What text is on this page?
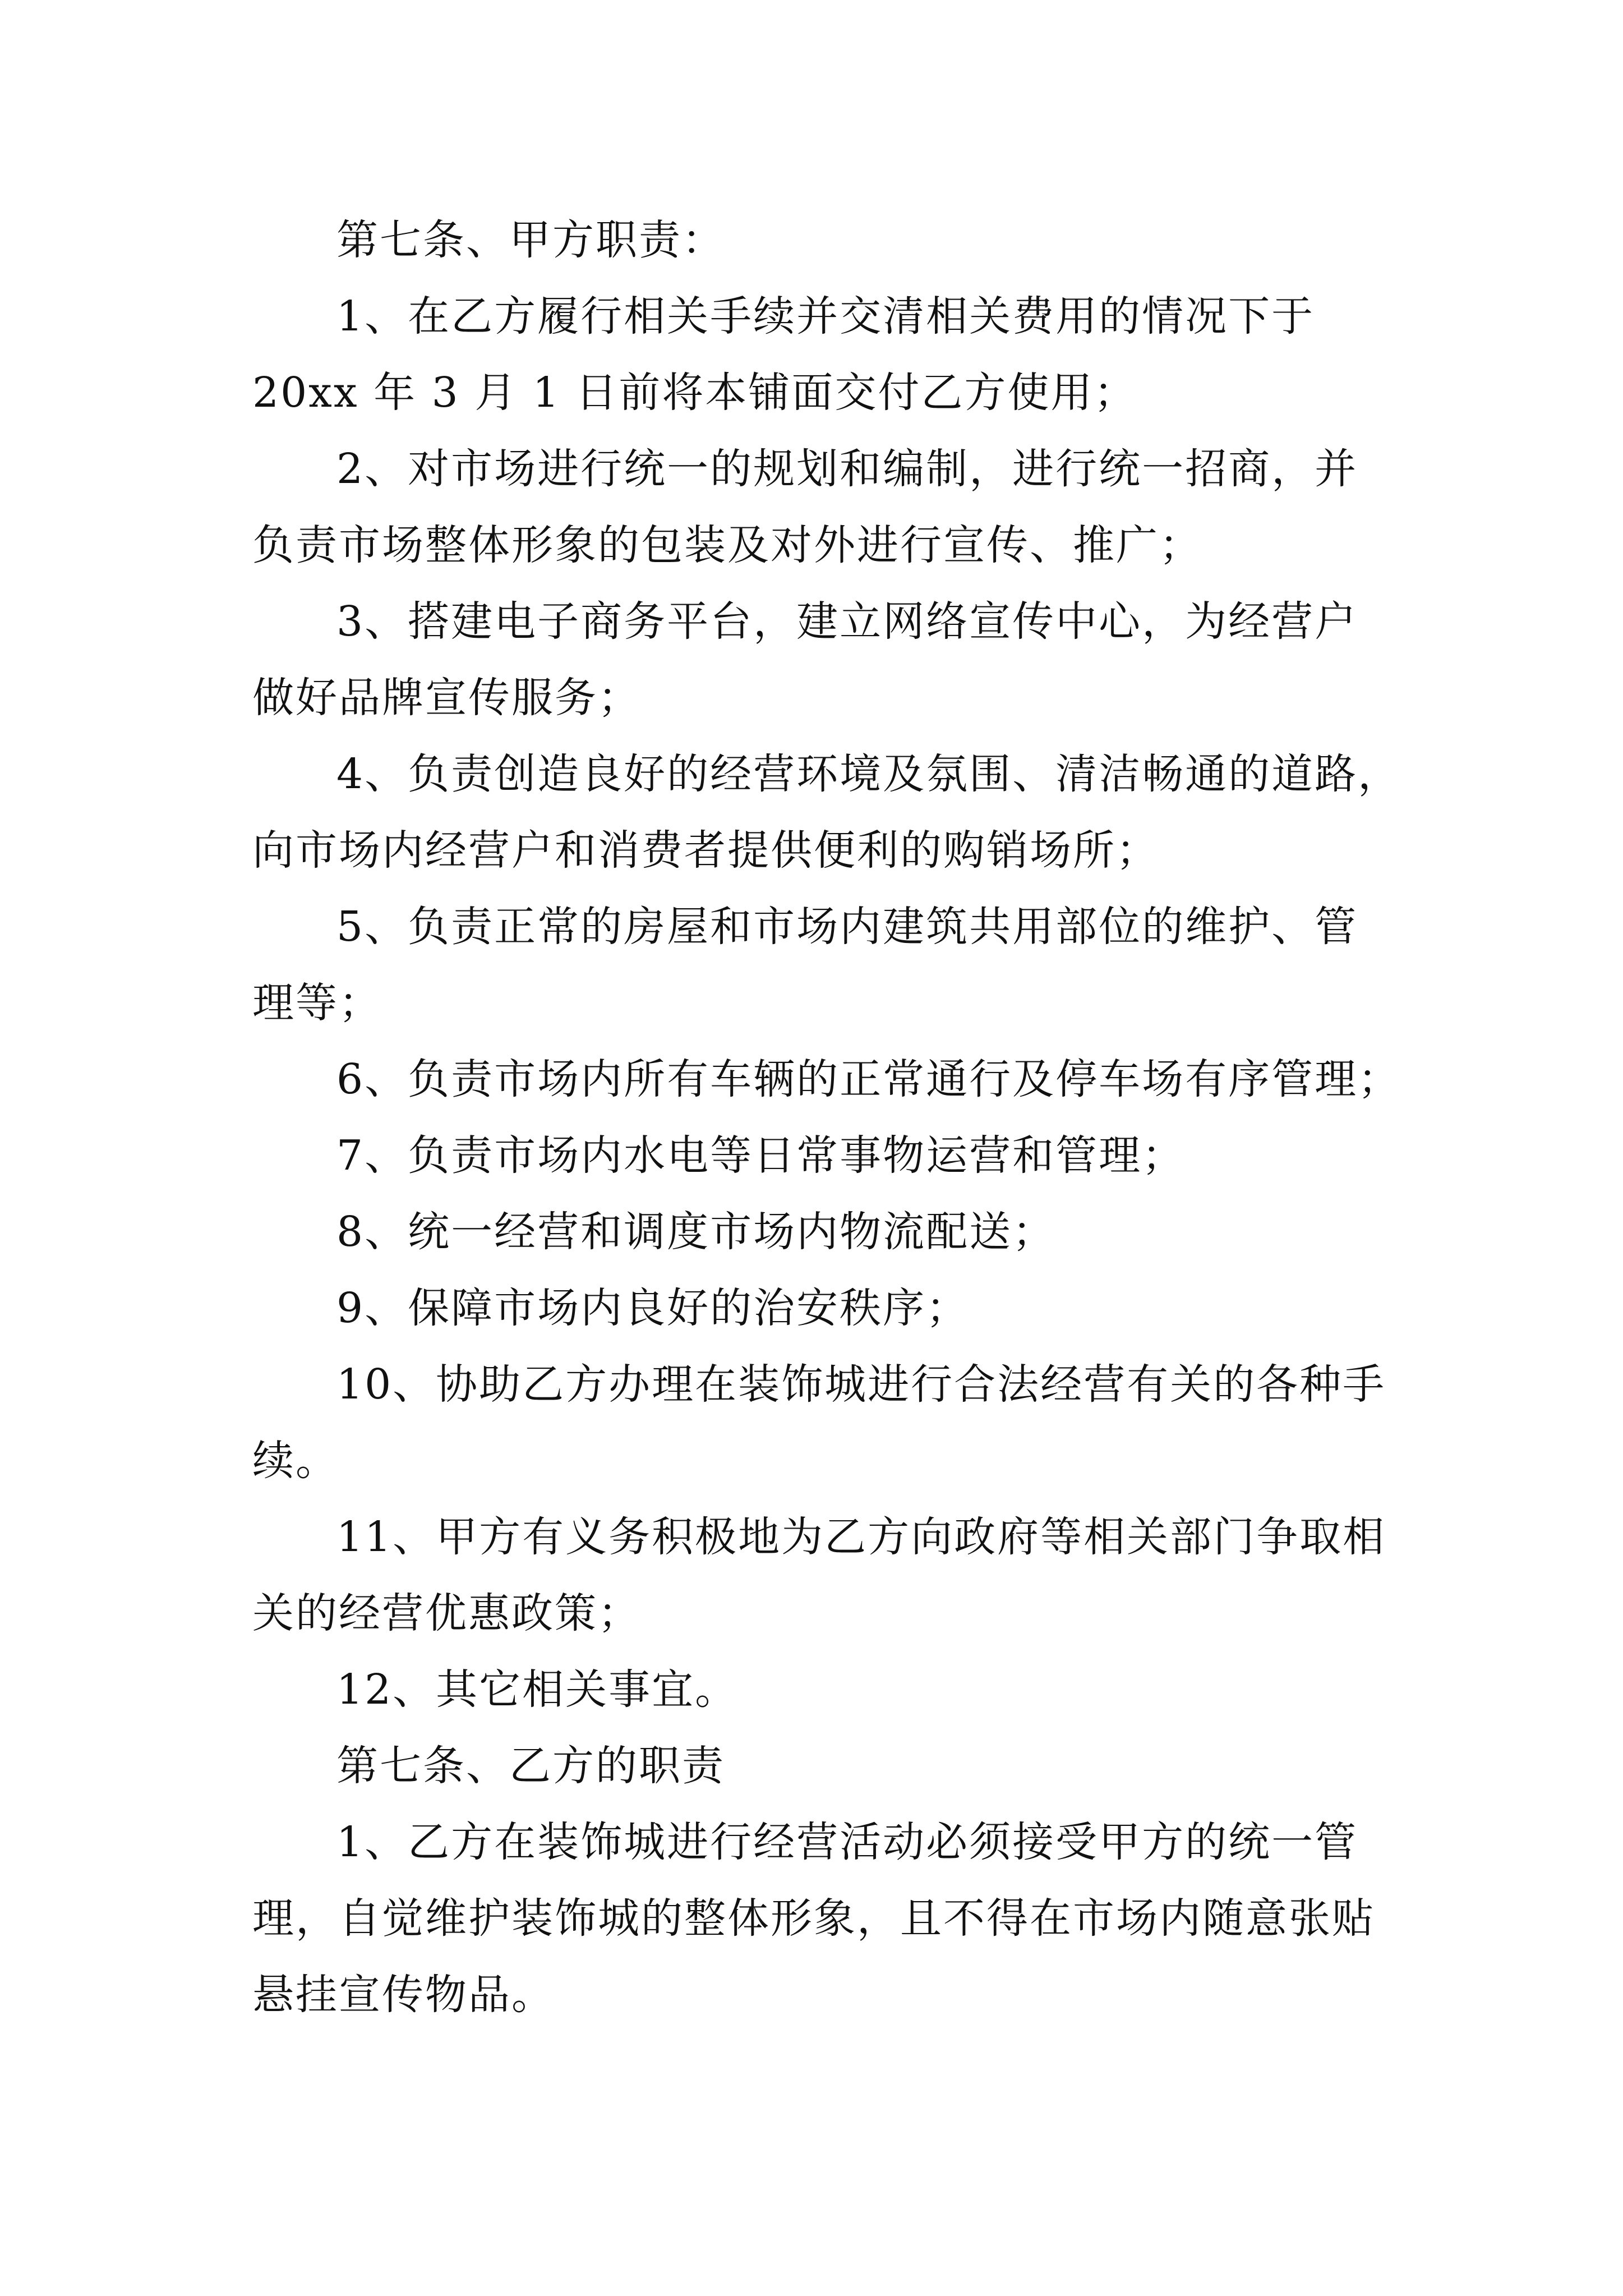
第七条、甲方职责：
1、在乙方履行相关手续并交清相关费用的情况下于
20xx 年 3 月 1 日前将本铺面交付乙方使用；
2、对市场进行统一的规划和编制，进行统一招商，并
负责市场整体形象的包装及对外进行宣传、推广；
3、搭建电子商务平台，建立网络宣传中心，为经营户
做好品牌宣传服务；
4、负责创造良好的经营环境及氛围、清洁畅通的道路，
向市场内经营户和消费者提供便利的购销场所；
5、负责正常的房屋和市场内建筑共用部位的维护、管
理等；
6、负责市场内所有车辆的正常通行及停车场有序管理；
7、负责市场内水电等日常事物运营和管理；
8、统一经营和调度市场内物流配送；
9、保障市场内良好的治安秩序；
10、协助乙方办理在装饰城进行合法经营有关的各种手
续。
11、甲方有义务积极地为乙方向政府等相关部门争取相
关的经营优惠政策；
12、其它相关事宜。
第七条、乙方的职责
1、乙方在装饰城进行经营活动必须接受甲方的统一管
理，自觉维护装饰城的整体形象，且不得在市场内随意张贴
悬挂宣传物品。
